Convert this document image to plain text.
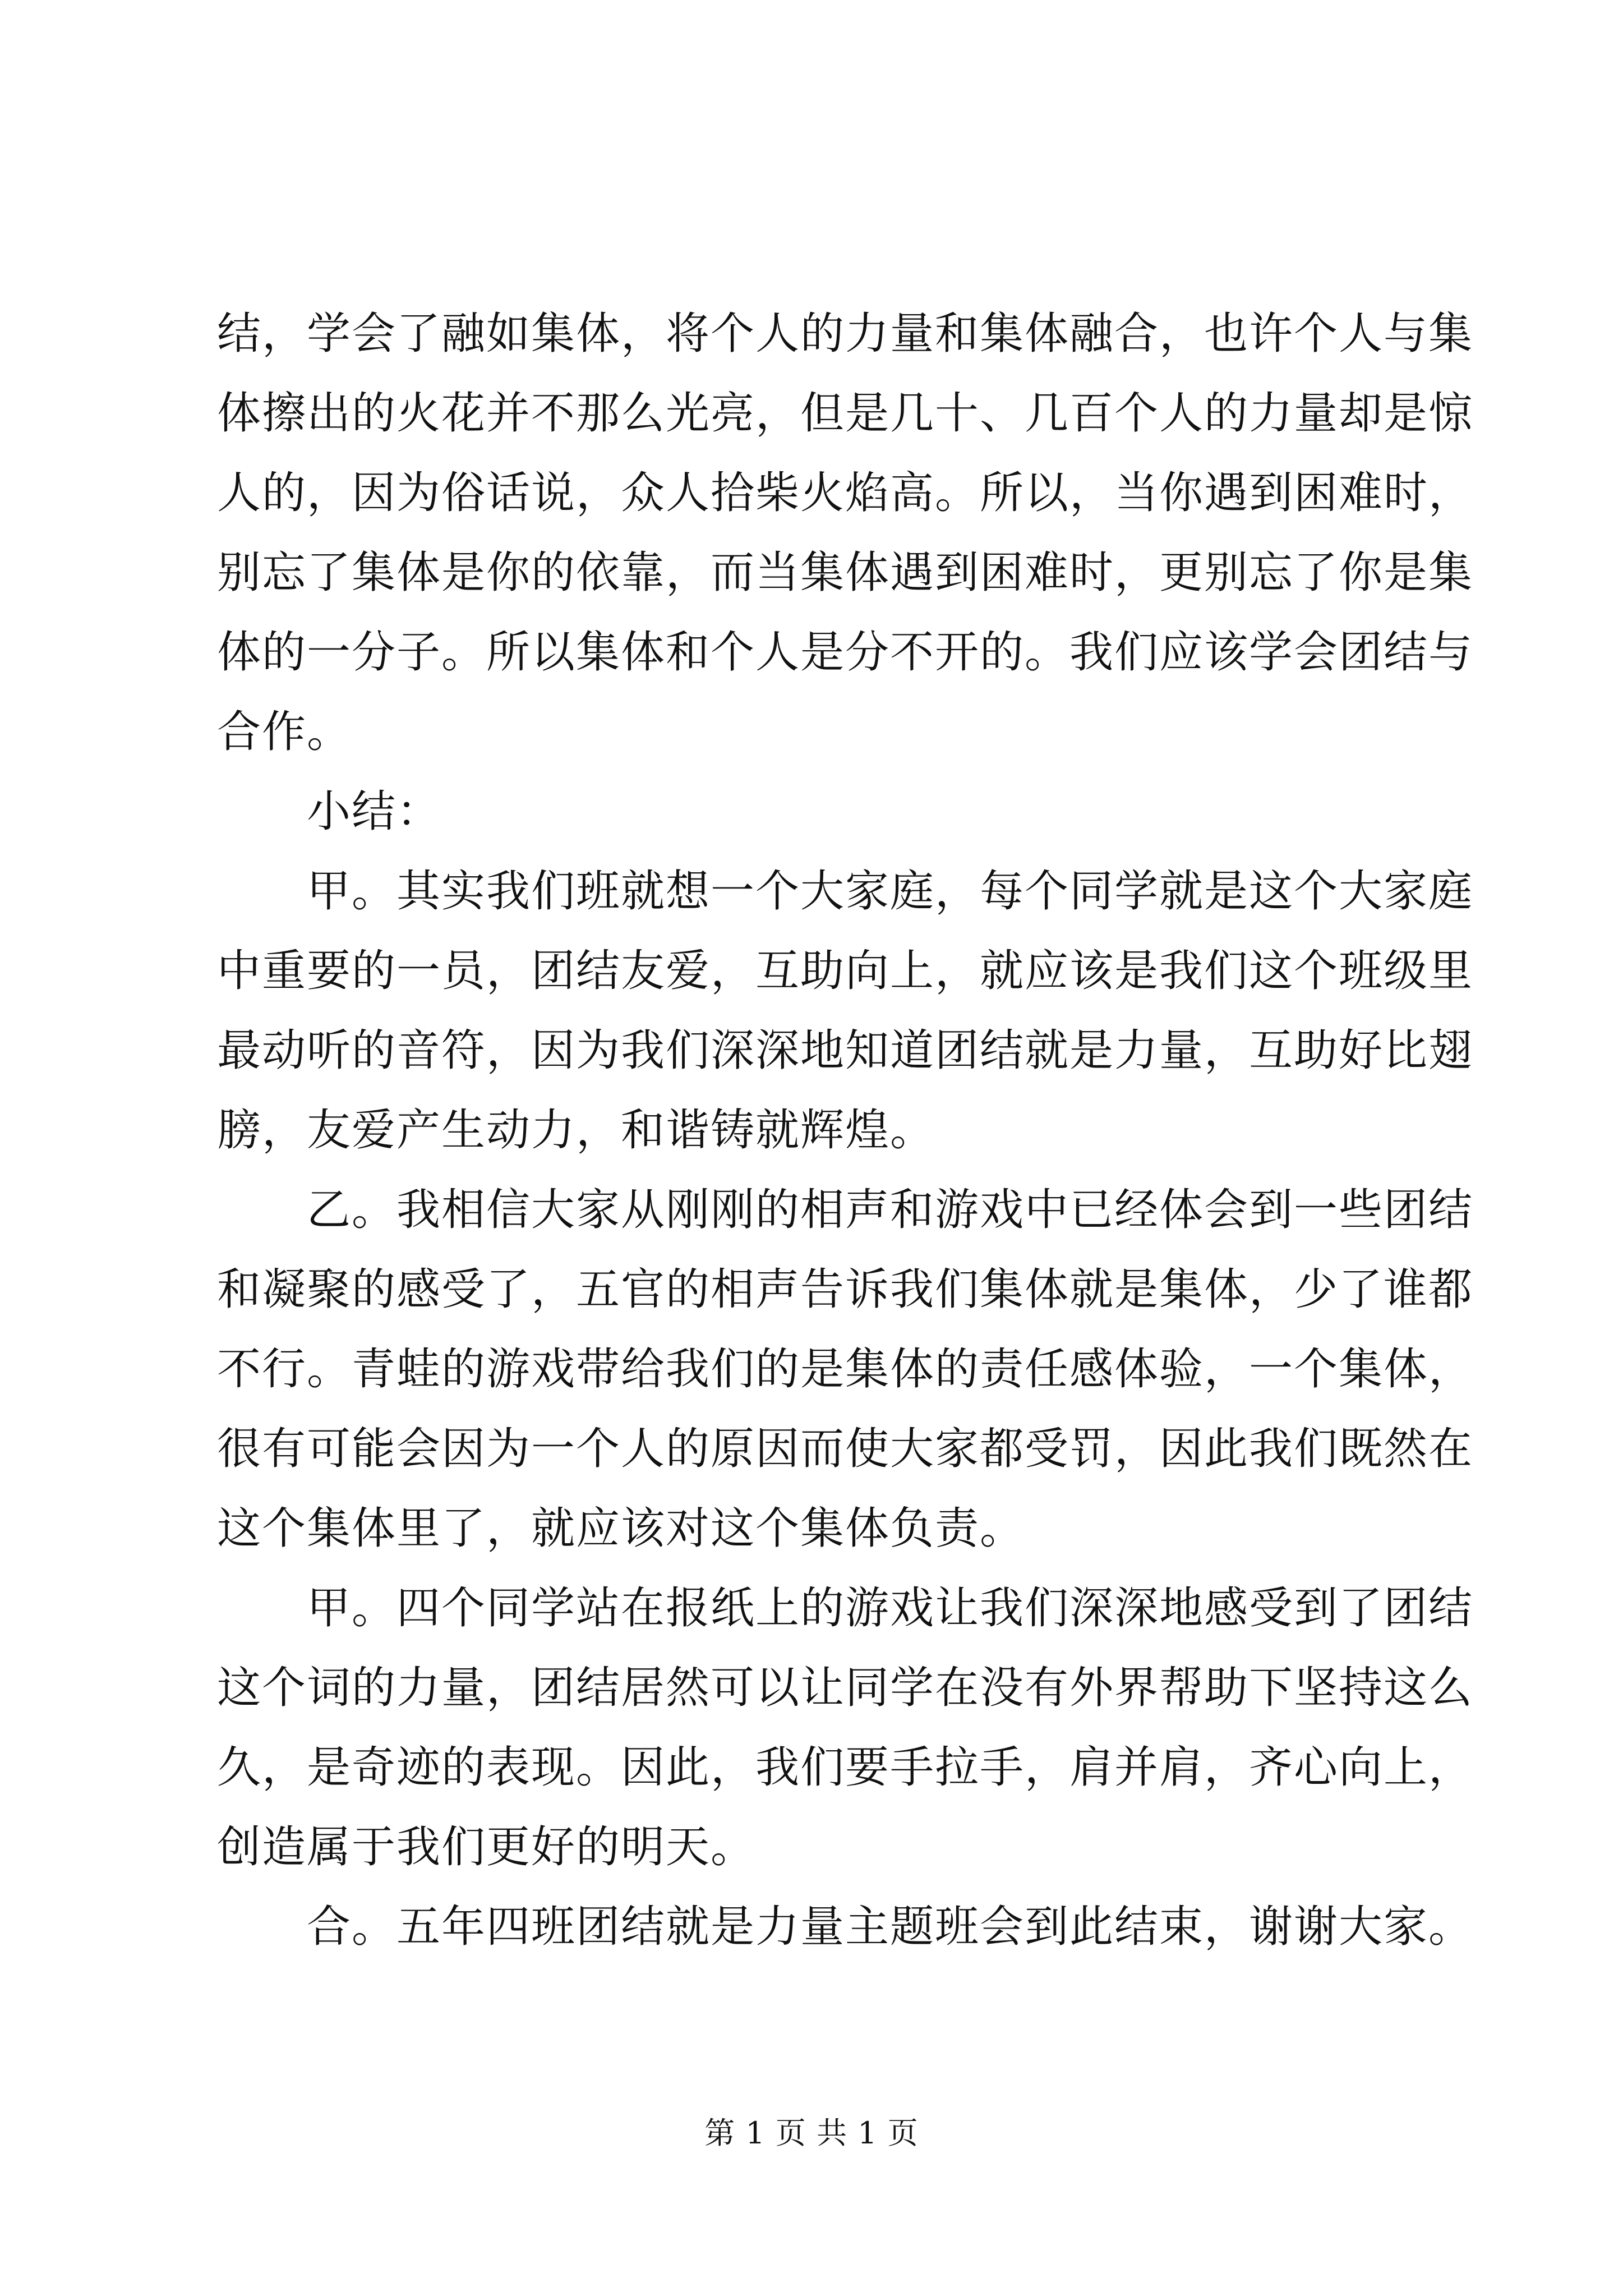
结，学会了融如集体，将个人的力量和集体融合，也许个人与集
体擦出的火花并不那么光亮，但是几十、几百个人的力量却是惊
人的，因为俗话说，众人拾柴火焰高。所以，当你遇到困难时，
别忘了集体是你的依靠，而当集体遇到困难时，更别忘了你是集
体的一分子。所以集体和个人是分不开的。我们应该学会团结与
合作。
　　小结：
　　甲。其实我们班就想一个大家庭，每个同学就是这个大家庭
中重要的一员，团结友爱，互助向上，就应该是我们这个班级里
最动听的音符，因为我们深深地知道团结就是力量，互助好比翅
膀，友爱产生动力，和谐铸就辉煌。
　　乙。我相信大家从刚刚的相声和游戏中已经体会到一些团结
和凝聚的感受了，五官的相声告诉我们集体就是集体，少了谁都
不行。青蛙的游戏带给我们的是集体的责任感体验，一个集体，
很有可能会因为一个人的原因而使大家都受罚，因此我们既然在
这个集体里了，就应该对这个集体负责。
　　甲。四个同学站在报纸上的游戏让我们深深地感受到了团结
这个词的力量，团结居然可以让同学在没有外界帮助下坚持这么
久，是奇迹的表现。因此，我们要手拉手，肩并肩，齐心向上，
创造属于我们更好的明天。
　　合。五年四班团结就是力量主题班会到此结束，谢谢大家。
第 1 页 共 1 页
